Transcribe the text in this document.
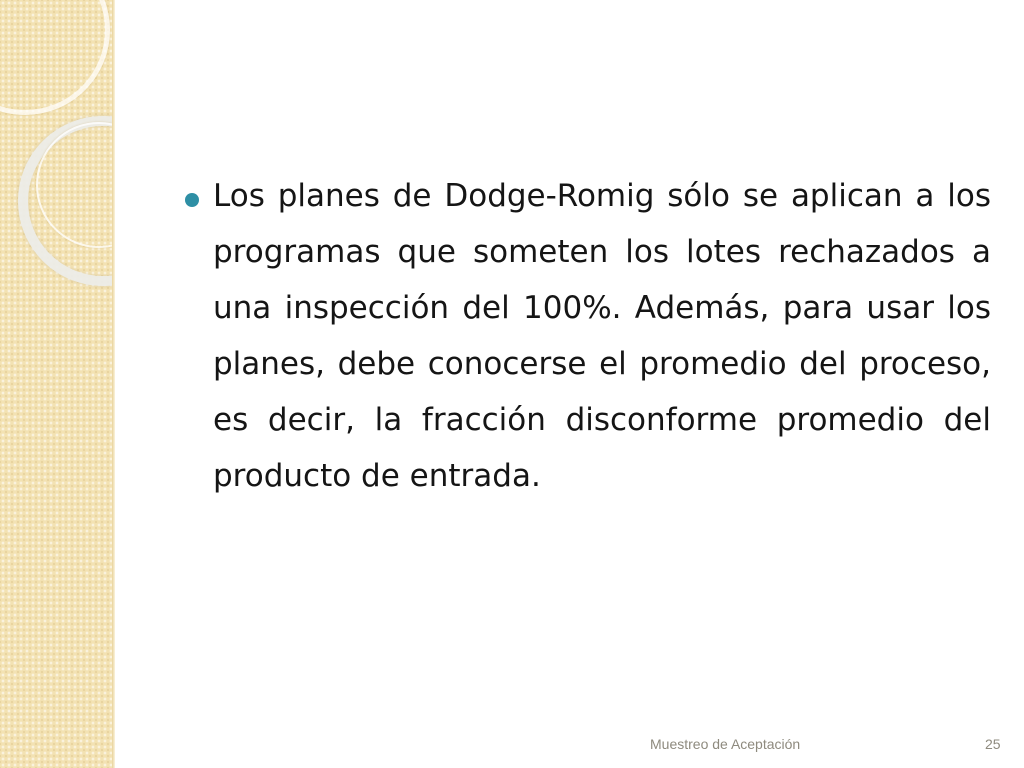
Los planes de Dodge-Romig sólo se aplican a los programas que someten los lotes rechazados a una inspección del 100%. Además, para usar los planes, debe conocerse el promedio del proceso, es decir, la fracción disconforme promedio del producto de entrada.
Muestreo de Aceptación	25
